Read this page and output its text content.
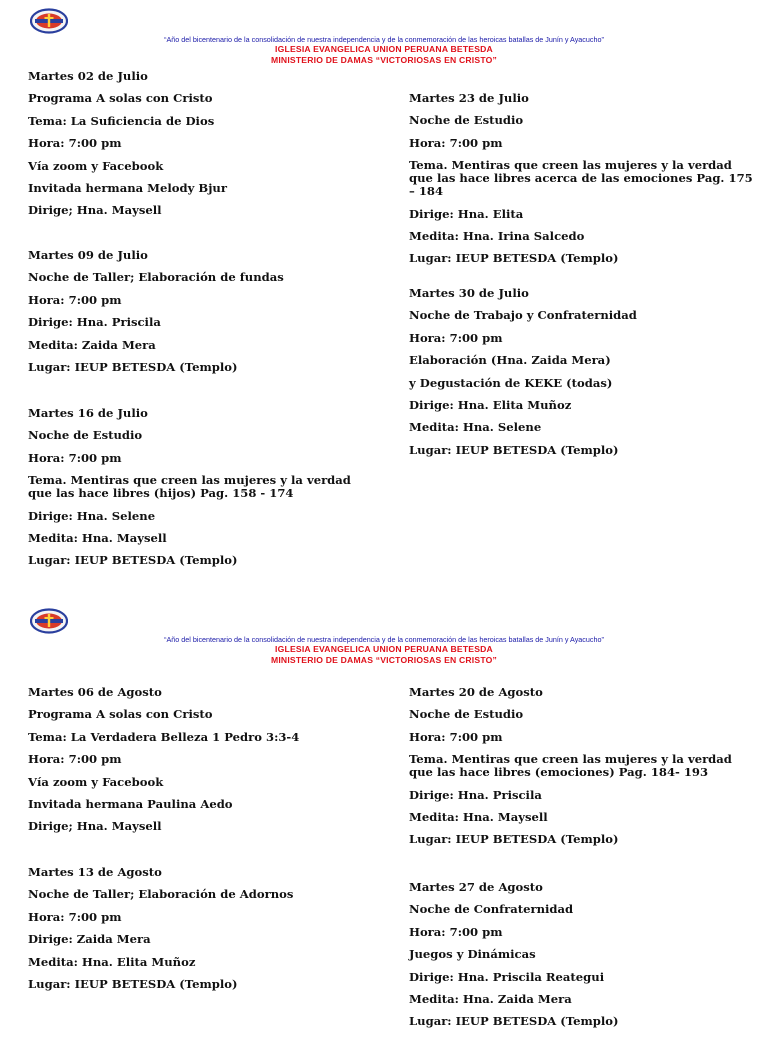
“Año del bicentenario de la consolidación de nuestra independencia y de la conmemoración de las heroicas batallas de Junín y Ayacucho”
IGLESIA EVANGELICA UNION PERUANA BETESDA
MINISTERIO DE DAMAS “VICTORIOSAS EN CRISTO”

Martes 02 de Julio

Programa A solas con Cristo

Tema: La Suficiencia de Dios

Hora: 7:00 pm

Vía zoom y Facebook

Invitada hermana Melody Bjur

Dirige; Hna. Maysell

Martes 09 de Julio

Noche de Taller; Elaboración de fundas

Hora: 7:00 pm

Dirige: Hna. Priscila

Medita: Zaida Mera

Lugar: IEUP BETESDA (Templo)

Martes 16 de Julio

Noche de Estudio

Hora: 7:00 pm

Tema. Mentiras que creen las mujeres y la verdad que las hace libres (hijos) Pag. 158 - 174

Dirige: Hna. Selene

Medita: Hna. Maysell

Lugar: IEUP BETESDA (Templo)

Martes 23 de Julio

Noche de Estudio

Hora: 7:00 pm

Tema. Mentiras que creen las mujeres y la verdad que las hace libres acerca de las emociones Pag. 175 – 184

Dirige: Hna. Elita

Medita: Hna. Irina Salcedo

Lugar: IEUP BETESDA (Templo)

Martes 30 de Julio

Noche de Trabajo y Confraternidad

Hora: 7:00 pm

Elaboración (Hna. Zaida Mera)

y Degustación de KEKE (todas)

Dirige: Hna. Elita Muñoz

Medita: Hna. Selene

Lugar: IEUP BETESDA (Templo)

“Año del bicentenario de la consolidación de nuestra independencia y de la conmemoración de las heroicas batallas de Junín y Ayacucho”
IGLESIA EVANGELICA UNION PERUANA BETESDA
MINISTERIO DE DAMAS “VICTORIOSAS EN CRISTO”

Martes 06 de Agosto

Programa A solas con Cristo

Tema: La Verdadera Belleza 1 Pedro 3:3-4

Hora: 7:00 pm

Vía zoom y Facebook

Invitada hermana Paulina Aedo

Dirige; Hna. Maysell

Martes 13 de Agosto

Noche de Taller; Elaboración de Adornos

Hora: 7:00 pm

Dirige: Zaida Mera

Medita: Hna. Elita Muñoz

Lugar: IEUP BETESDA (Templo)

Martes 20 de Agosto

Noche de Estudio

Hora: 7:00 pm

Tema. Mentiras que creen las mujeres y la verdad que las hace libres (emociones) Pag. 184- 193

Dirige: Hna. Priscila

Medita: Hna. Maysell

Lugar: IEUP BETESDA (Templo)

Martes 27 de Agosto

Noche de Confraternidad

Hora: 7:00 pm

Juegos y Dinámicas

Dirige: Hna. Priscila Reategui

Medita: Hna. Zaida Mera

Lugar: IEUP BETESDA (Templo)
